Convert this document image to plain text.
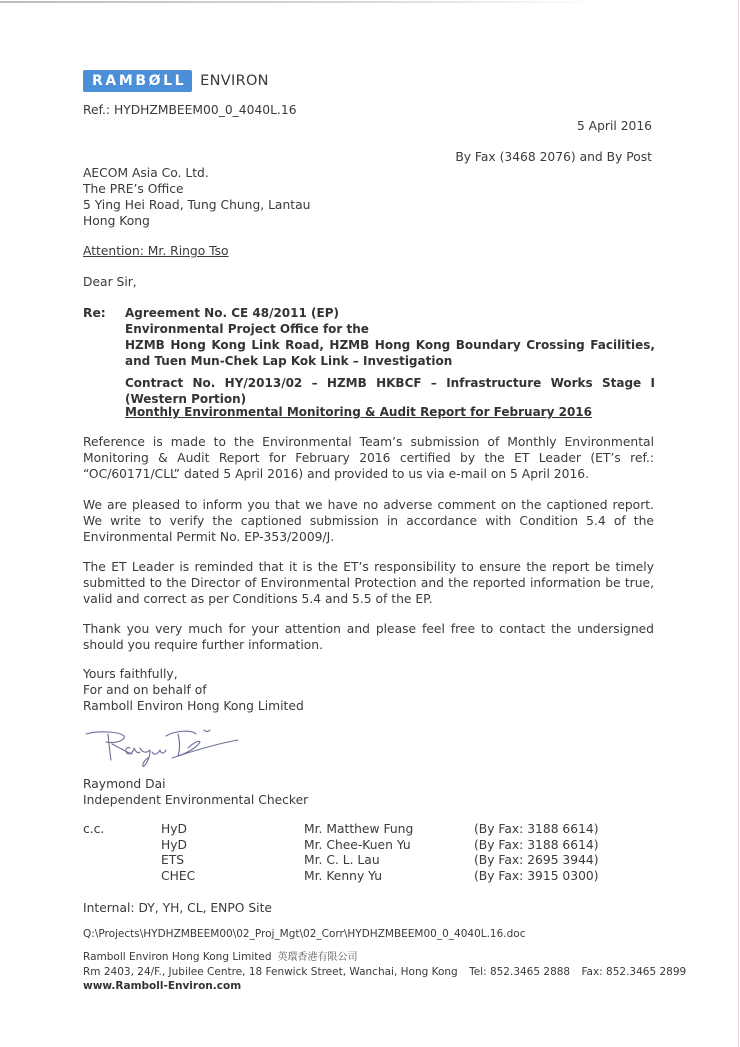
RAMBØLL ENVIRON
Ref.: HYDHZMBEEM00_0_4040L.16
5 April 2016
By Fax (3468 2076) and By Post
AECOM Asia Co. Ltd.
The PRE’s Office
5 Ying Hei Road, Tung Chung, Lantau
Hong Kong
Attention: Mr. Ringo Tso
Dear Sir,
Re: Agreement No. CE 48/2011 (EP)
Environmental Project Office for the
HZMB Hong Kong Link Road, HZMB Hong Kong Boundary Crossing Facilities,
and Tuen Mun-Chek Lap Kok Link – Investigation
Contract No. HY/2013/02 – HZMB HKBCF – Infrastructure Works Stage I (Western Portion)
Monthly Environmental Monitoring & Audit Report for February 2016
Reference is made to the Environmental Team’s submission of Monthly Environmental Monitoring & Audit Report for February 2016 certified by the ET Leader (ET’s ref.: “OC/60171/CLL” dated 5 April 2016) and provided to us via e-mail on 5 April 2016.
We are pleased to inform you that we have no adverse comment on the captioned report. We write to verify the captioned submission in accordance with Condition 5.4 of the Environmental Permit No. EP-353/2009/J.
The ET Leader is reminded that it is the ET’s responsibility to ensure the report be timely submitted to the Director of Environmental Protection and the reported information be true, valid and correct as per Conditions 5.4 and 5.5 of the EP.
Thank you very much for your attention and please feel free to contact the undersigned should you require further information.
Yours faithfully,
For and on behalf of
Ramboll Environ Hong Kong Limited
Raymond Dai
Independent Environmental Checker
c.c.	HyD	Mr. Matthew Fung	(By Fax: 3188 6614)
	HyD	Mr. Chee-Kuen Yu	(By Fax: 3188 6614)
	ETS	Mr. C. L. Lau	(By Fax: 2695 3944)
	CHEC	Mr. Kenny Yu	(By Fax: 3915 0300)
Internal: DY, YH, CL, ENPO Site
Q:\Projects\HYDHZMBEEM00\02_Proj_Mgt\02_Corr\HYDHZMBEEM00_0_4040L.16.doc
Ramboll Environ Hong Kong Limited 英環香港有限公司
Rm 2403, 24/F., Jubilee Centre, 18 Fenwick Street, Wanchai, Hong Kong Tel: 852.3465 2888 Fax: 852.3465 2899
www.Ramboll-Environ.com
